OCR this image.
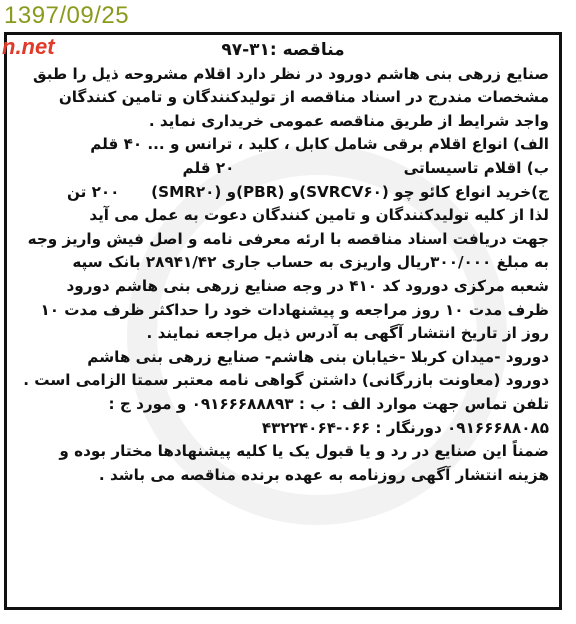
1397/09/25
n.net	مناقصه :۳۱-۹۷

صنایع زرهی بنی هاشم دورود در نظر دارد اقلام مشروحه ذیل را طبق

مشخصات مندرج در اسناد مناقصه از تولیدکنندگان و تامین کنندگان

واجد شرایط از طریق مناقصه عمومی خریداری نماید .

الف) انواع اقلام برقی شامل کابل ، کلید ، ترانس و ... ۴۰ قلم

ب) اقلام تاسیساتی                                ۲۰ قلم

ج)خرید انواع کائو چو (SVRCV۶۰)و (PBR)و (SMR۲۰)      ۲۰۰ تن

لذا از کلیه تولیدکنندگان و تامین کنندگان دعوت به عمل می آید

جهت دریافت اسناد مناقصه با ارئه معرفی نامه و اصل فیش واریز وجه

به مبلغ ۳۰۰/۰۰۰ریال واریزی به حساب جاری ۲۸۹۴۱/۴۲ بانک سپه

شعبه مرکزی دورود کد ۴۱۰ در وجه صنایع زرهی بنی هاشم دورود

ظرف مدت ۱۰ روز مراجعه و پیشنهادات خود را حداکثر ظرف مدت ۱۰

روز از تاریخ انتشار آگهی به آدرس ذیل مراجعه نمایند .

دورود -میدان کربلا -خیابان بنی هاشم- صنایع زرهی بنی هاشم

دورود (معاونت بازرگانی) داشتن گواهی نامه معتبر سمتا الزامی است .

تلفن تماس جهت موارد الف : ب : ۰۹۱۶۶۶۸۸۸۹۳ و مورد ج :

۰۹۱۶۶۶۸۸۰۸۵ دورنگار : ۰۶۶-۴۳۲۲۴۰۶۴

ضمناً این صنایع در رد و یا قبول یک یا کلیه پیشنهادها مختار بوده و

هزینه انتشار آگهی روزنامه به عهده برنده مناقصه می باشد .
